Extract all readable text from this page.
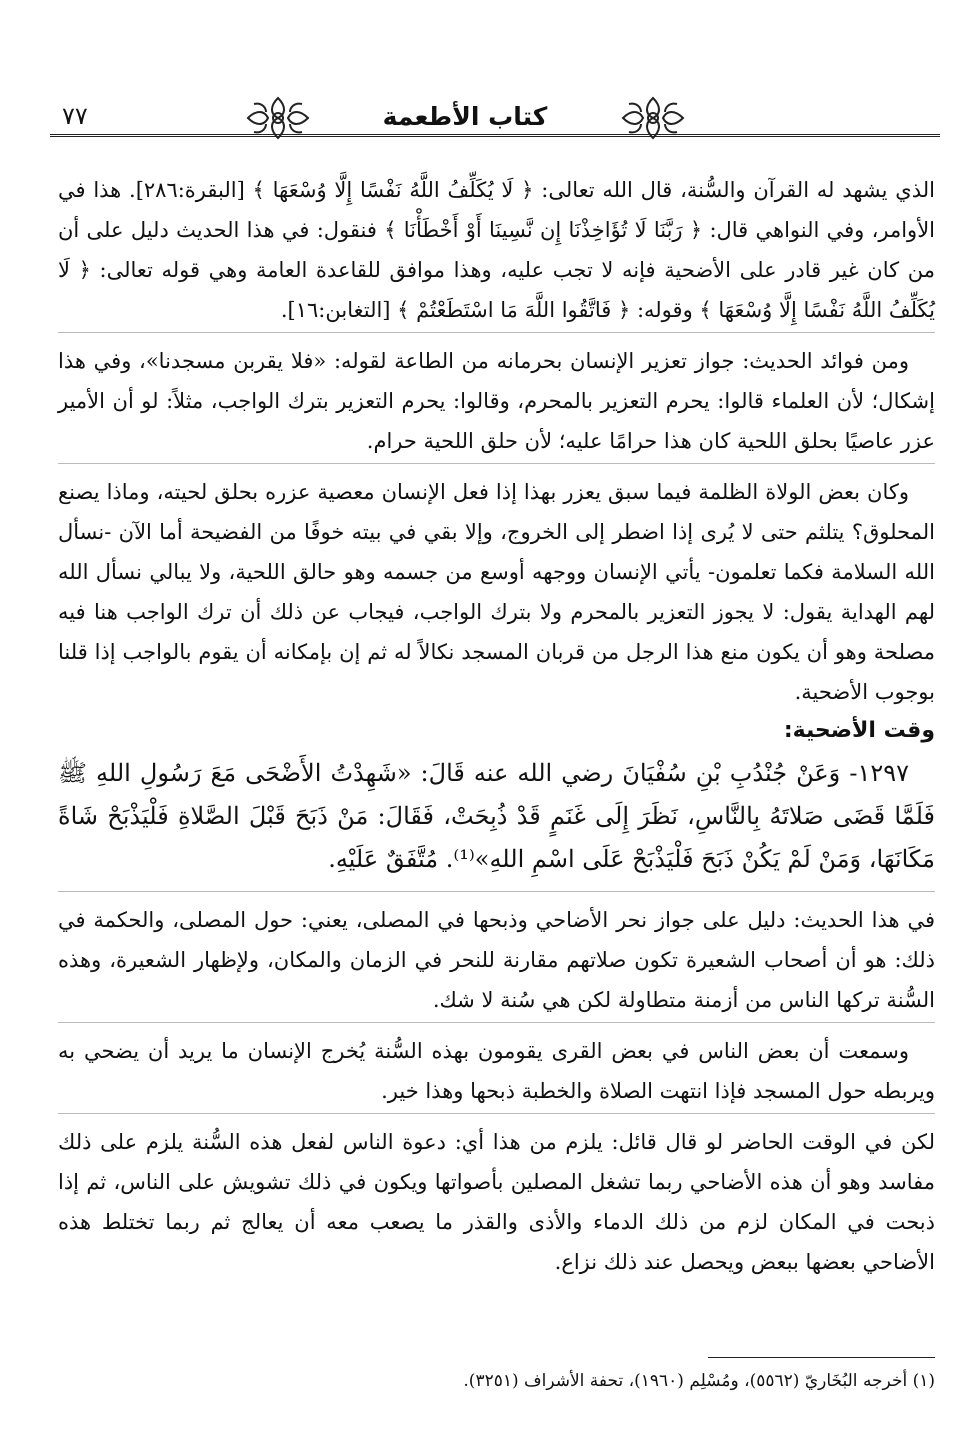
٧٧	كتاب الأطعمة

الذي يشهد له القرآن والسُّنة، قال الله تعالى: ﴿ لَا يُكَلِّفُ اللَّهُ نَفْسًا إِلَّا وُسْعَهَا ﴾ [البقرة:٢٨٦]. هذا في الأوامر، وفي النواهي قال: ﴿ رَبَّنَا لَا تُؤَاخِذْنَا إِن نَّسِينَا أَوْ أَخْطَأْنَا ﴾ فنقول: في هذا الحديث دليل على أن من كان غير قادر على الأضحية فإنه لا تجب عليه، وهذا موافق للقاعدة العامة وهي قوله تعالى: ﴿ لَا يُكَلِّفُ اللَّهُ نَفْسًا إِلَّا وُسْعَهَا ﴾ وقوله: ﴿ فَاتَّقُوا اللَّهَ مَا اسْتَطَعْتُمْ ﴾ [التغابن:١٦].

ومن فوائد الحديث: جواز تعزير الإنسان بحرمانه من الطاعة لقوله: «فلا يقربن مسجدنا»، وفي هذا إشكال؛ لأن العلماء قالوا: يحرم التعزير بالمحرم، وقالوا: يحرم التعزير بترك الواجب، مثلاً: لو أن الأمير عزر عاصيًا بحلق اللحية كان هذا حرامًا عليه؛ لأن حلق اللحية حرام.

وكان بعض الولاة الظلمة فيما سبق يعزر بهذا إذا فعل الإنسان معصية عزره بحلق لحيته، وماذا يصنع المحلوق؟ يتلثم حتى لا يُرى إذا اضطر إلى الخروج، وإلا بقي في بيته خوفًا من الفضيحة أما الآن -نسأل الله السلامة فكما تعلمون- يأتي الإنسان ووجهه أوسع من جسمه وهو حالق اللحية، ولا يبالي نسأل الله لهم الهداية يقول: لا يجوز التعزير بالمحرم ولا بترك الواجب، فيجاب عن ذلك أن ترك الواجب هنا فيه مصلحة وهو أن يكون منع هذا الرجل من قربان المسجد نكالاً له ثم إن بإمكانه أن يقوم بالواجب إذا قلنا بوجوب الأضحية.

وقت الأضحية:

١٢٩٧- وَعَنْ جُنْدُبِ بْنِ سُفْيَانَ رضي الله عنه قَالَ: «شَهِدْتُ الأَضْحَى مَعَ رَسُولِ اللهِ ﷺ فَلَمَّا قَضَى صَلاتَهُ بِالنَّاسِ، نَظَرَ إِلَى غَنَمٍ قَدْ ذُبِحَتْ، فَقَالَ: مَنْ ذَبَحَ قَبْلَ الصَّلاةِ فَلْيَذْبَحْ شَاةً مَكَانَهَا، وَمَنْ لَمْ يَكُنْ ذَبَحَ فَلْيَذْبَحْ عَلَى اسْمِ اللهِ»⁽¹⁾. مُتَّفَقٌ عَلَيْهِ.

في هذا الحديث: دليل على جواز نحر الأضاحي وذبحها في المصلى، يعني: حول المصلى، والحكمة في ذلك: هو أن أصحاب الشعيرة تكون صلاتهم مقارنة للنحر في الزمان والمكان، ولإظهار الشعيرة، وهذه السُّنة تركها الناس من أزمنة متطاولة لكن هي سُنة لا شك.

وسمعت أن بعض الناس في بعض القرى يقومون بهذه السُّنة يُخرج الإنسان ما يريد أن يضحي به ويربطه حول المسجد فإذا انتهت الصلاة والخطبة ذبحها وهذا خير.

لكن في الوقت الحاضر لو قال قائل: يلزم من هذا أي: دعوة الناس لفعل هذه السُّنة يلزم على ذلك مفاسد وهو أن هذه الأضاحي ربما تشغل المصلين بأصواتها ويكون في ذلك تشويش على الناس، ثم إذا ذبحت في المكان لزم من ذلك الدماء والأذى والقذر ما يصعب معه أن يعالج ثم ربما تختلط هذه الأضاحي بعضها ببعض ويحصل عند ذلك نزاع.

(١) أخرجه البُخَاريّ (٥٥٦٢)، ومُسْلِم (١٩٦٠)، تحفة الأشراف (٣٢٥١).
